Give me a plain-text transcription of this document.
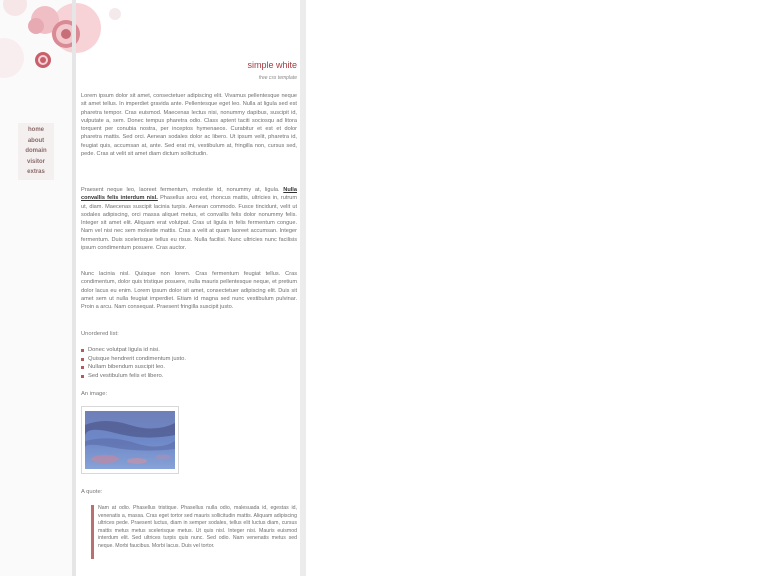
home
about
domain
visitor
extras
simple white
free css template

Lorem ipsum dolor sit amet, consectetuer adipiscing elit. Vivamus pellentesque neque sit amet tellus. In imperdiet gravida ante. Pellentesque eget leo. Nulla at ligula sed est pharetra tempor. Cras euismod. Maecenas lectus nisi, nonummy dapibus, suscipit id, vulputate a, sem. Donec tempus pharetra odio. Class aptent taciti sociosqu ad litora torquent per conubia nostra, per inceptos hymenaeos. Curabitur et est et dolor pharetra mattis. Sed orci. Aenean sodales dolor ac libero. Ut ipsum velit, pharetra id, feugiat quis, accumsan at, ante. Sed erat mi, vestibulum at, fringilla non, cursus sed, pede. Cras at velit sit amet diam dictum sollicitudin.

Praesent neque leo, laoreet fermentum, molestie id, nonummy at, ligula. Nulla convallis felis interdum nisl. Phasellus arcu est, rhoncus mattis, ultricies in, rutrum ut, diam. Maecenas suscipit lacinia turpis. Aenean commodo. Fusce tincidunt, velit ut sodales adipiscing, orci massa aliquet metus, et convallis felis dolor nonummy felis. Integer sit amet elit. Aliquam erat volutpat. Cras ut ligula in felis fermentum congue. Nam vel nisi nec sem molestie mattis. Cras a velit at quam laoreet accumsan. Integer fermentum. Duis scelerisque tellus eu risus. Nulla facilisi. Nunc ultricies nunc facilisis ipsum condimentum posuere. Cras auctor.

Nunc lacinia nisl. Quisque non lorem. Cras fermentum feugiat tellus. Cras condimentum, dolor quis tristique posuere, nulla mauris pellentesque neque, et pretium dolor lacus eu enim. Lorem ipsum dolor sit amet, consectetuer adipiscing elit. Duis sit amet sem ut nulla feugiat imperdiet. Etiam id magna sed nunc vestibulum pulvinar. Proin a arcu. Nam consequat. Praesent fringilla suscipit justo.

Unordered list:
Donec volutpat ligula id nisi.
Quisque hendrerit condimentum justo.
Nullam bibendum suscipit leo.
Sed vestibulum felis et libero.
An image:
A quote:
Nam at odio. Phasellus tristique. Phasellus nulla odio, malesuada id, egestas id, venenatis a, massa. Cras eget tortor sed mauris sollicitudin mattis. Aliquam adipiscing ultrices pede. Praesent luctus, diam in semper sodales, tellus elit luctus diam, cursus mattis metus metus scelerisque metus. Ut quis nisl. Integer nisi. Mauris euismod interdum elit. Sed ultrices turpis quis nunc. Sed odio. Nam venenatis metus sed neque. Morbi faucibus. Morbi lacus. Duis vel tortor.
